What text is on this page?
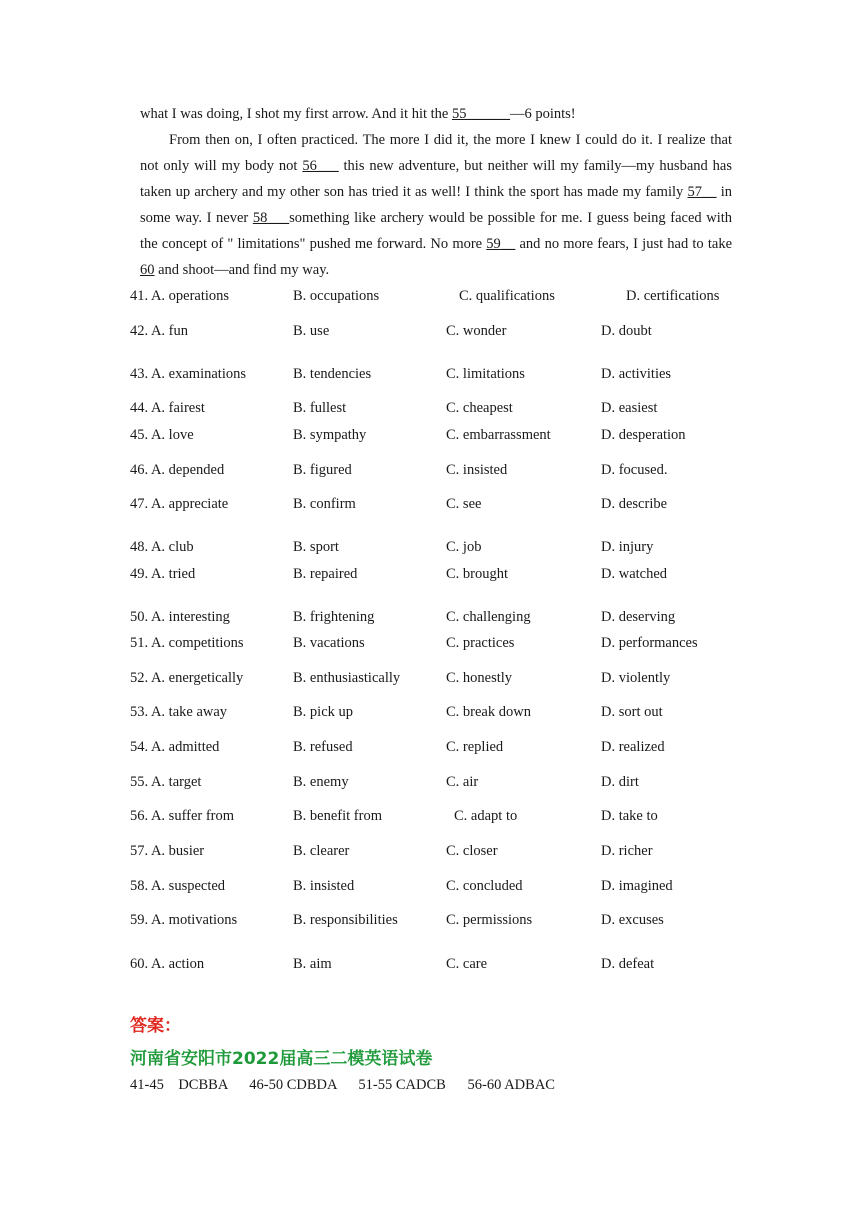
what I was doing, I shot my first arrow. And it hit the 55______—6 points!
From then on, I often practiced. The more I did it, the more I knew I could do it. I realize that not only will my body not 56___ this new adventure, but neither will my family—my husband has taken up archery and my other son has tried it as well! I think the sport has made my family 57__ in some way. I never 58___something like archery would be possible for me. I guess being faced with the concept of " limitations" pushed me forward. No more 59__ and no more fears, I just had to take 60 and shoot—and find my way.
41. A. operations	B. occupations	C. qualifications	D. certifications
42. A. fun	B. use	C. wonder	D. doubt
43. A. examinations	B. tendencies	C. limitations	D. activities
44. A. fairest	B. fullest	C. cheapest	D. easiest
45. A. love	B. sympathy	C. embarrassment	D. desperation
46. A. depended	B. figured	C. insisted	D. focused.
47. A. appreciate	B. confirm	C. see	D. describe
48. A. club	B. sport	C. job	D. injury
49. A. tried	B. repaired	C. brought	D. watched
50. A. interesting	B. frightening	C. challenging	D. deserving
51. A. competitions	B. vacations	C. practices	D. performances
52. A. energetically	B. enthusiastically	C. honestly	D. violently
53. A. take away	B. pick up	C. break down	D. sort out
54. A. admitted	B. refused	C. replied	D. realized
55. A. target	B. enemy	C. air	D. dirt
56. A. suffer from	B. benefit from	C. adapt to	D. take to
57. A. busier	B. clearer	C. closer	D. richer
58. A. suspected	B. insisted	C. concluded	D. imagined
59. A. motivations	B. responsibilities	C. permissions	D. excuses
60. A. action	B. aim	C. care	D. defeat
答案：
河南省安阳市2022届高三二模英语试卷
41-45    DCBBA      46-50 CDBDA      51-55 CADCB      56-60 ADBAC
